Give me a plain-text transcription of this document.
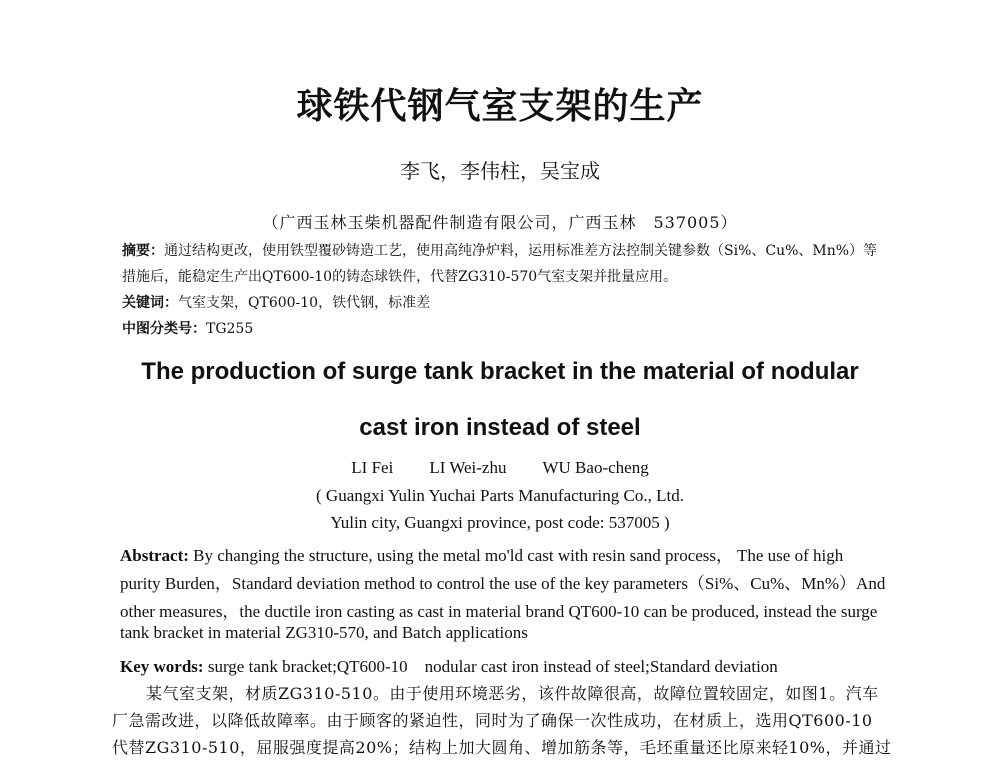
球铁代钢气室支架的生产
李飞，李伟柱，吴宝成
（广西玉林玉柴机器配件制造有限公司，广西玉林　537005）
摘要：通过结构更改，使用铁型覆砂铸造工艺，使用高纯净炉料，运用标准差方法控制关键参数（Si%、Cu%、Mn%）等
措施后，能稳定生产出QT600-10的铸态球铁件，代替ZG310-570气室支架并批量应用。
关键词：气室支架，QT600-10，铁代钢，标准差
中图分类号：TG255
The production of surge tank bracket in the material of nodular
cast iron instead of steel
LI Fei LI Wei-zhu WU Bao-cheng
( Guangxi Yulin Yuchai Parts Manufacturing Co., Ltd.
Yulin city, Guangxi province, post code: 537005 )
Abstract: By changing the structure, using the metal mo'ld cast with resin sand process， The use of high
purity Burden，Standard deviation method to control the use of the key parameters（Si%、Cu%、Mn%）And
other measures，the ductile iron casting as cast in material brand QT600-10 can be produced, instead the surge
tank bracket in material ZG310-570, and Batch applications
Key words: surge tank bracket;QT600-10　nodular cast iron instead of steel;Standard deviation
某气室支架，材质ZG310-510。由于使用环境恶劣，该件故障很高，故障位置较固定，如图1。汽车
厂急需改进，以降低故障率。由于顾客的紧迫性，同时为了确保一次性成功，在材质上，选用QT600-10
代替ZG310-510，屈服强度提高20%；结构上加大圆角、增加筋条等，毛坯重量还比原来轻10%，并通过
